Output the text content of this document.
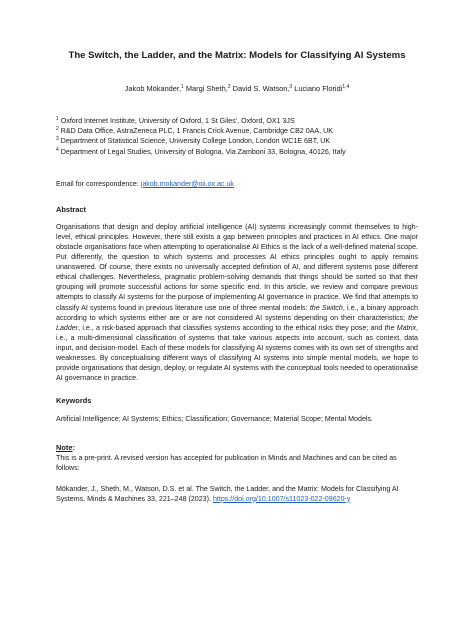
The Switch, the Ladder, and the Matrix: Models for Classifying AI Systems

Jakob Mökander,$^1$ Margi Sheth,$^2$ David S. Watson,$^3$ Luciano Floridi$^{1,4}$
$^1$ Oxford Internet Institute, University of Oxford, 1 St Giles', Oxford, OX1 3JS
$^2$ R&D Data Office, AstraZeneca PLC, 1 Francis Crick Avenue, Cambridge CB2 0AA, UK
$^3$ Department of Statistical Science, University College London, London WC1E 6BT, UK
$^4$ Department of Legal Studies, University of Bologna, Via Zamboni 33, Bologna, 40126, Italy
Email for correspondence: jakob.mokander@oii.ox.ac.uk
Abstract
Organisations that design and deploy artificial intelligence (AI) systems increasingly commit themselves to high-level, ethical principles. However, there still exists a gap between principles and practices in AI ethics. One major obstacle organisations face when attempting to operationalise AI Ethics is the lack of a well-defined material scope. Put differently, the question to which systems and processes AI ethics principles ought to apply remains unanswered. Of course, there exists no universally accepted definition of AI, and different systems pose different ethical challenges. Nevertheless, pragmatic problem-solving demands that things should be sorted so that their grouping will promote successful actions for some specific end. In this article, we review and compare previous attempts to classify AI systems for the purpose of implementing AI governance in practice. We find that attempts to classify AI systems found in previous literature use one of three mental models: the Switch, i.e., a binary approach according to which systems either are or are not considered AI systems depending on their characteristics; the Ladder, i.e., a risk-based approach that classifies systems according to the ethical risks they pose; and the Matrix, i.e., a multi-dimensional classification of systems that take various aspects into account, such as context, data input, and decision-model. Each of these models for classifying AI systems comes with its own set of strengths and weaknesses. By conceptualising different ways of classifying AI systems into simple mental models, we hope to provide organisations that design, deploy, or regulate AI systems with the conceptual tools needed to operationalise AI governance in practice.
Keywords
Artificial Intelligence; AI Systems; Ethics; Classification; Governance; Material Scope; Mental Models.
Note:
This is a pre-print. A revised version has accepted for publication in Minds and Machines and can be cited as follows:
Mökander, J., Sheth, M., Watson, D.S. et al. The Switch, the Ladder, and the Matrix: Models for Classifying AI Systems. Minds & Machines 33, 221–248 (2023). https://doi.org/10.1007/s11023-022-09620-y
